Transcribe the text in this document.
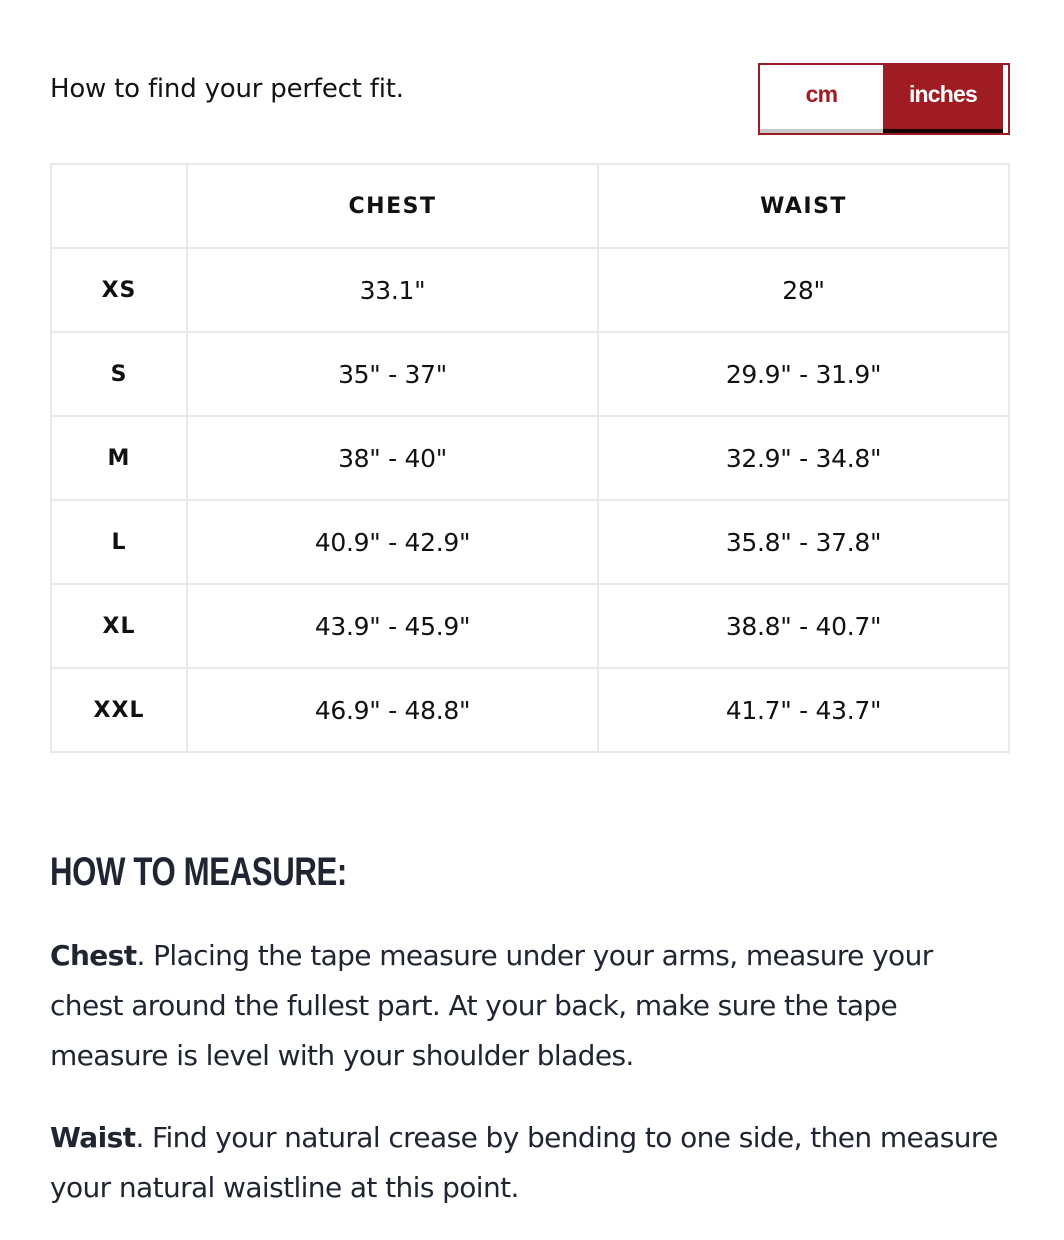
How to find your perfect fit.	cm	inches
	CHEST	WAIST
XS	33.1"	28"
S	35" - 37"	29.9" - 31.9"
M	38" - 40"	32.9" - 34.8"
L	40.9" - 42.9"	35.8" - 37.8"
XL	43.9" - 45.9"	38.8" - 40.7"
XXL	46.9" - 48.8"	41.7" - 43.7"
HOW TO MEASURE:

Chest. Placing the tape measure under your arms, measure your chest around the fullest part. At your back, make sure the tape measure is level with your shoulder blades.

Waist. Find your natural crease by bending to one side, then measure your natural waistline at this point.
